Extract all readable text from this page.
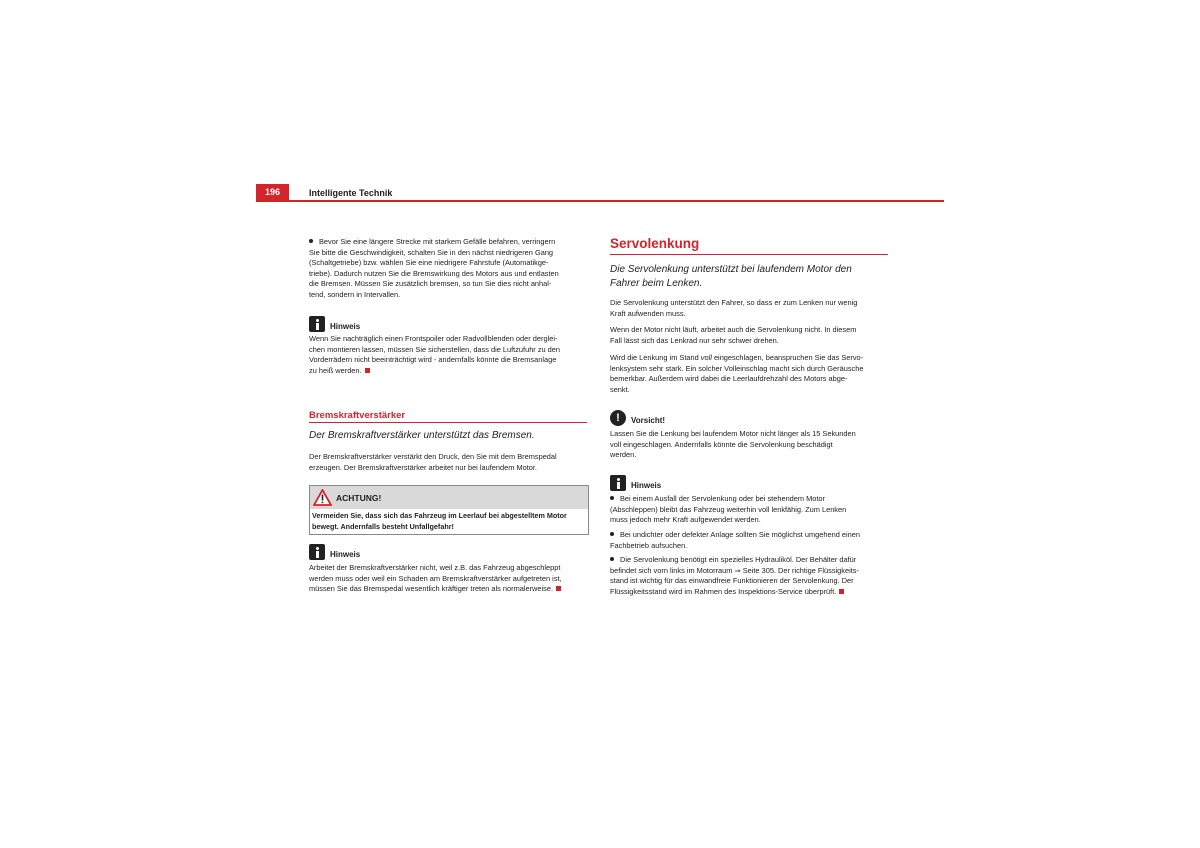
196	Intelligente Technik

Bevor Sie eine längere Strecke mit starkem Gefälle befahren, verringern

Sie bitte die Geschwindigkeit, schalten Sie in den nächst niedrigeren Gang

(Schaltgetriebe) bzw. wählen Sie eine niedrigere Fahrstufe (Automatikge-

triebe). Dadurch nutzen Sie die Bremswirkung des Motors aus und entlasten

die Bremsen. Müssen Sie zusätzlich bremsen, so tun Sie dies nicht anhal-

tend, sondern in Intervallen.

Hinweis

Wenn Sie nachträglich einen Frontspoiler oder Radvollblenden oder derglei-

chen montieren lassen, müssen Sie sicherstellen, dass die Luftzufuhr zu den

Vorderrädern nicht beeinträchtigt wird - andernfalls könnte die Bremsanlage

zu heiß werden.

Bremskraftverstärker
Der Bremskraftverstärker unterstützt das Bremsen.

Der Bremskraftverstärker verstärkt den Druck, den Sie mit dem Bremspedal

erzeugen. Der Bremskraftverstärker arbeitet nur bei laufendem Motor.

ACHTUNG!
Vermeiden Sie, dass sich das Fahrzeug im Leerlauf bei abgestelltem Motor
bewegt. Andernfalls besteht Unfallgefahr!
Hinweis

Arbeitet der Bremskraftverstärker nicht, weil z.B. das Fahrzeug abgeschleppt

werden muss oder weil ein Schaden am Bremskraftverstärker aufgetreten ist,

müssen Sie das Bremspedal wesentlich kräftiger treten als normalerweise.

Servolenkung
Die Servolenkung unterstützt bei laufendem Motor den
Fahrer beim Lenken.

Die Servolenkung unterstützt den Fahrer, so dass er zum Lenken nur wenig

Kraft aufwenden muss.

Wenn der Motor nicht läuft, arbeitet auch die Servolenkung nicht. In diesem

Fall lässt sich das Lenkrad nur sehr schwer drehen.

Wird die Lenkung im Stand voll eingeschlagen, beanspruchen Sie das Servo-

lenksystem sehr stark. Ein solcher Volleinschlag macht sich durch Geräusche

bemerkbar. Außerdem wird dabei die Leerlaufdrehzahl des Motors abge-

senkt.

!	Vorsicht!

Lassen Sie die Lenkung bei laufendem Motor nicht länger als 15 Sekunden

voll eingeschlagen. Andernfalls könnte die Servolenkung beschädigt

werden.

Hinweis

Bei einem Ausfall der Servolenkung oder bei stehendem Motor

(Abschleppen) bleibt das Fahrzeug weiterhin voll lenkfähig. Zum Lenken

muss jedoch mehr Kraft aufgewendet werden.

Bei undichter oder defekter Anlage sollten Sie möglichst umgehend einen

Fachbetrieb aufsuchen.

Die Servolenkung benötigt ein spezielles Hydrauliköl. Der Behälter dafür

befindet sich vorn links im Motorraum ⇒ Seite 305. Der richtige Flüssigkeits-

stand ist wichtig für das einwandfreie Funktionieren der Servolenkung. Der

Flüssigkeitsstand wird im Rahmen des Inspektions-Service überprüft.
